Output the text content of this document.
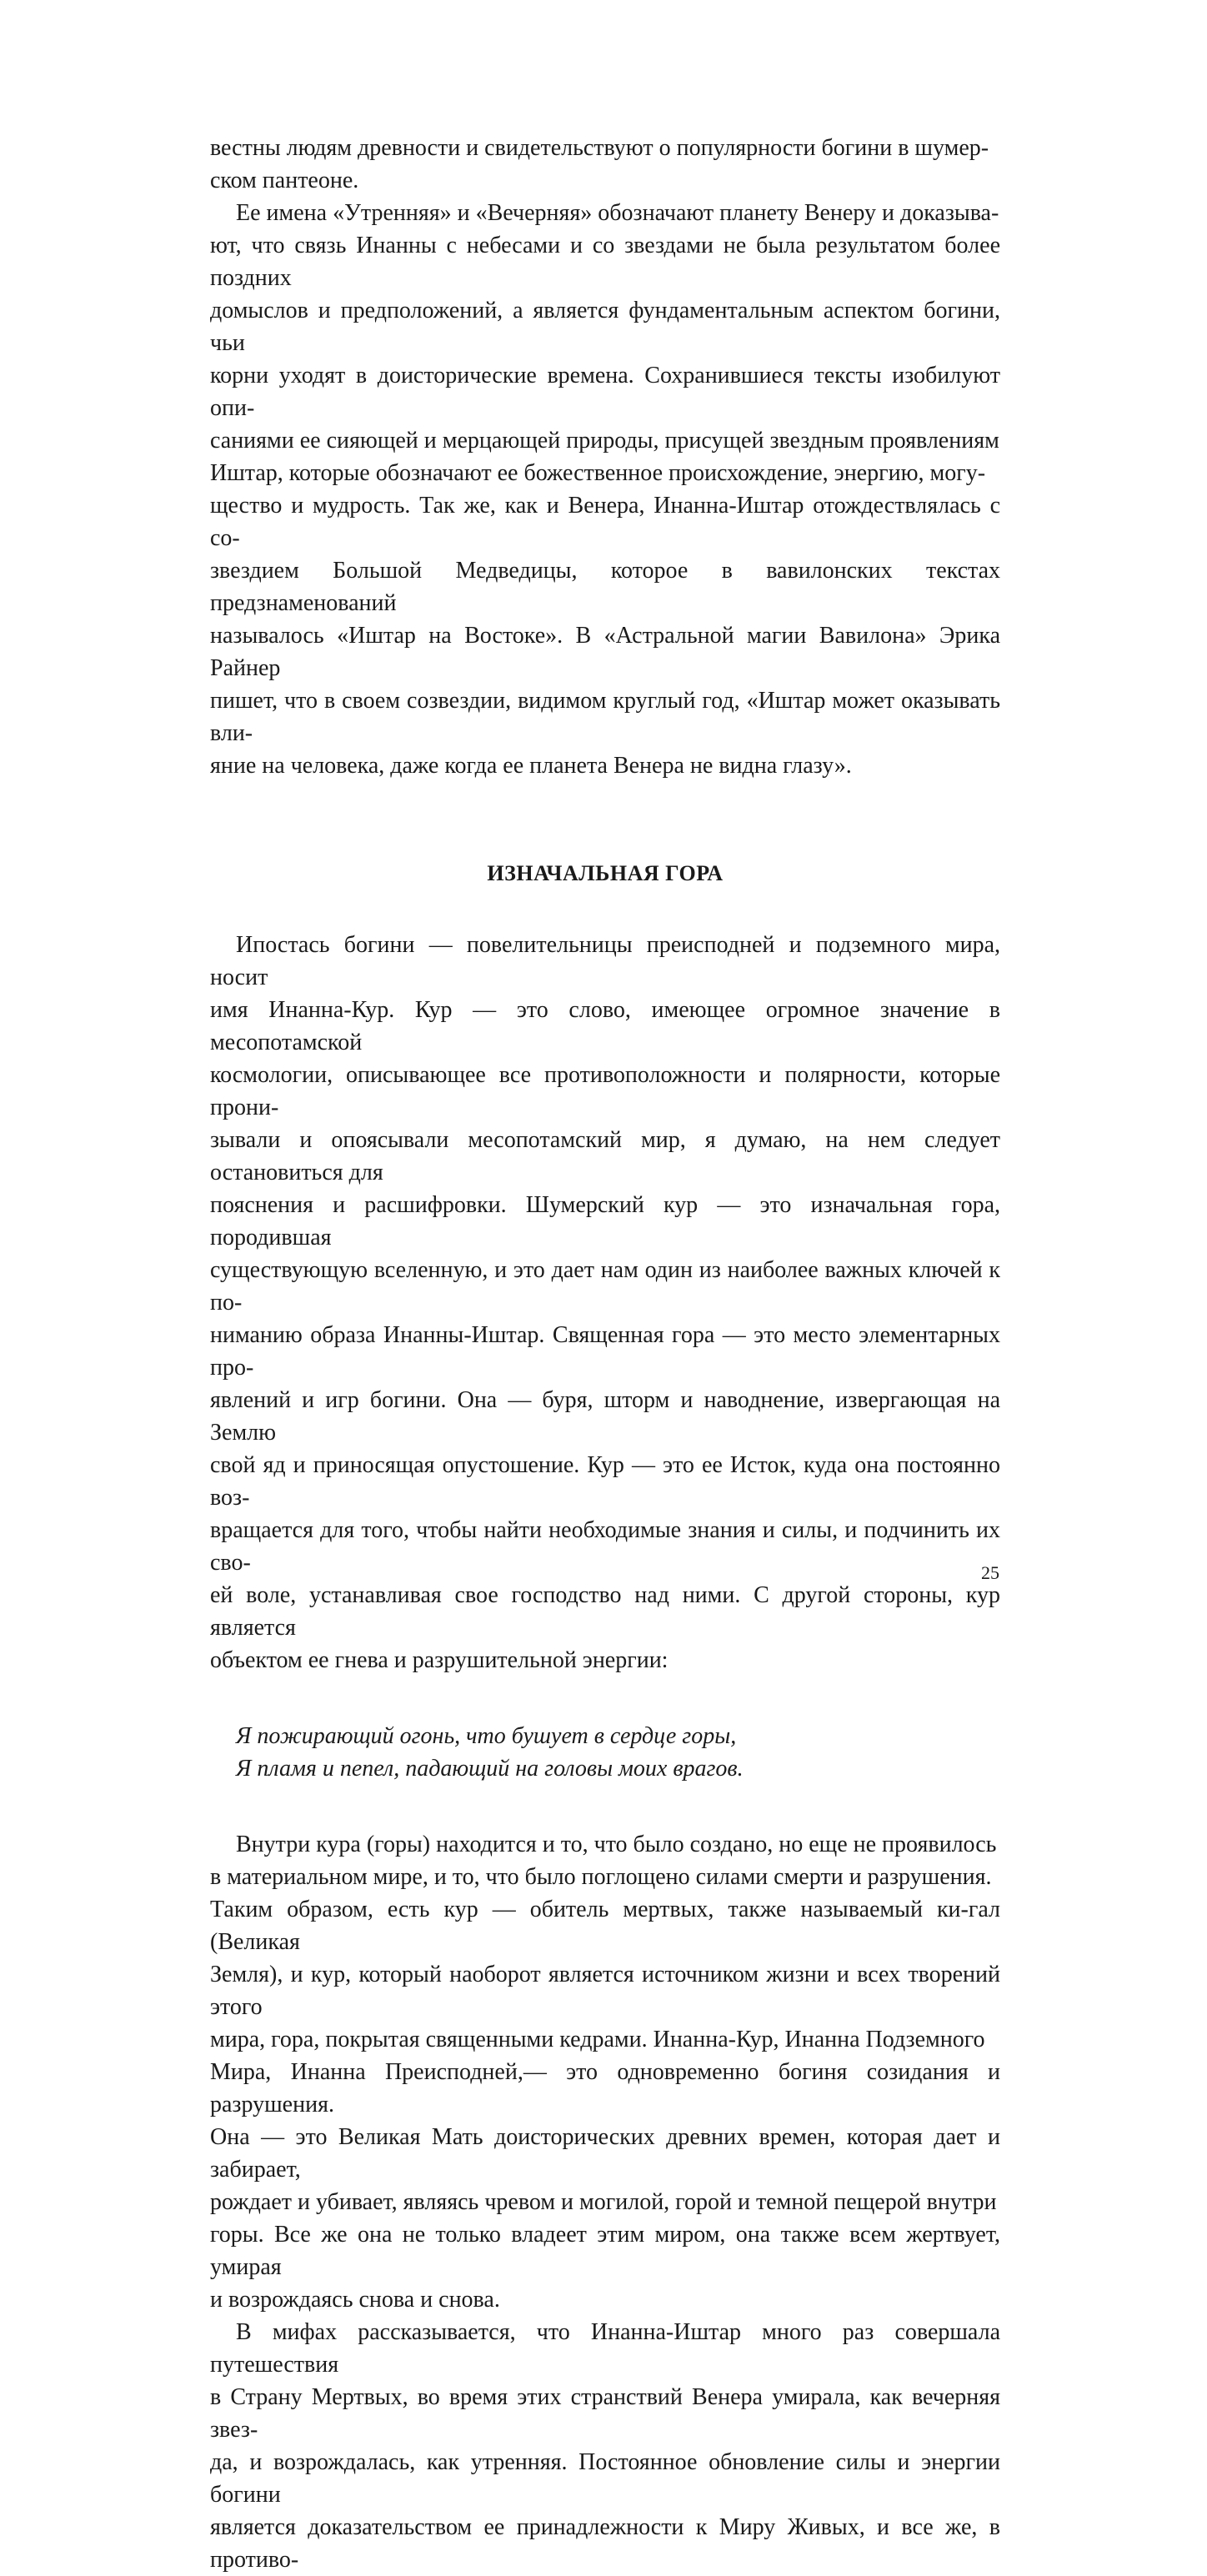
вестны людям древности и свидетельствуют о популярности богини в шумер-
ском пантеоне.

Ее имена «Утренняя» и «Вечерняя» обозначают планету Венеру и доказыва-
ют, что связь Инанны с небесами и со звездами не была результатом более поздних
домыслов и предположений, а является фундаментальным аспектом богини, чьи
корни уходят в доисторические времена. Сохранившиеся тексты изобилуют опи-
саниями ее сияющей и мерцающей природы, присущей звездным проявлениям
Иштар, которые обозначают ее божественное происхождение, энергию, могу-
щество и мудрость. Так же, как и Венера, Инанна-Иштар отождествлялась с со-
звездием Большой Медведицы, которое в вавилонских текстах предзнаменований
называлось «Иштар на Востоке». В «Астральной магии Вавилона» Эрика Райнер
пишет, что в своем созвездии, видимом круглый год, «Иштар может оказывать вли-
яние на человека, даже когда ее планета Венера не видна глазу».

ИЗНАЧАЛЬНАЯ ГОРА

Ипостась богини — повелительницы преисподней и подземного мира, носит
имя Инанна-Кур. Кур — это слово, имеющее огромное значение в месопотамской
космологии, описывающее все противоположности и полярности, которые прони-
зывали и опоясывали месопотамский мир, я думаю, на нем следует остановиться для
пояснения и расшифровки. Шумерский кур — это изначальная гора, породившая
существующую вселенную, и это дает нам один из наиболее важных ключей к по-
ниманию образа Инанны-Иштар. Священная гора — это место элементарных про-
явлений и игр богини. Она — буря, шторм и наводнение, извергающая на Землю
свой яд и приносящая опустошение. Кур — это ее Исток, куда она постоянно воз-
вращается для того, чтобы найти необходимые знания и силы, и подчинить их сво-
ей воле, устанавливая свое господство над ними. С другой стороны, кур является
объектом ее гнева и разрушительной энергии:

Я пожирающий огонь, что бушует в сердце горы,
Я пламя и пепел, падающий на головы моих врагов.

Внутри кура (горы) находится и то, что было создано, но еще не проявилось
в материальном мире, и то, что было поглощено силами смерти и разрушения.
Таким образом, есть кур — обитель мертвых, также называемый ки-гал (Великая
Земля), и кур, который наоборот является источником жизни и всех творений этого
мира, гора, покрытая священными кедрами. Инанна-Кур, Инанна Подземного
Мира, Инанна Преисподней,— это одновременно богиня созидания и разрушения.
Она — это Великая Мать доисторических древних времен, которая дает и забирает,
рождает и убивает, являясь чревом и могилой, горой и темной пещерой внутри
горы. Все же она не только владеет этим миром, она также всем жертвует, умирая
и возрождаясь снова и снова.

В мифах рассказывается, что Инанна-Иштар много раз совершала путешествия
в Страну Мертвых, во время этих странствий Венера умирала, как вечерняя звез-
да, и возрождалась, как утренняя. Постоянное обновление силы и энергии богини
является доказательством ее принадлежности к Миру Живых, и все же, в противо-

25
